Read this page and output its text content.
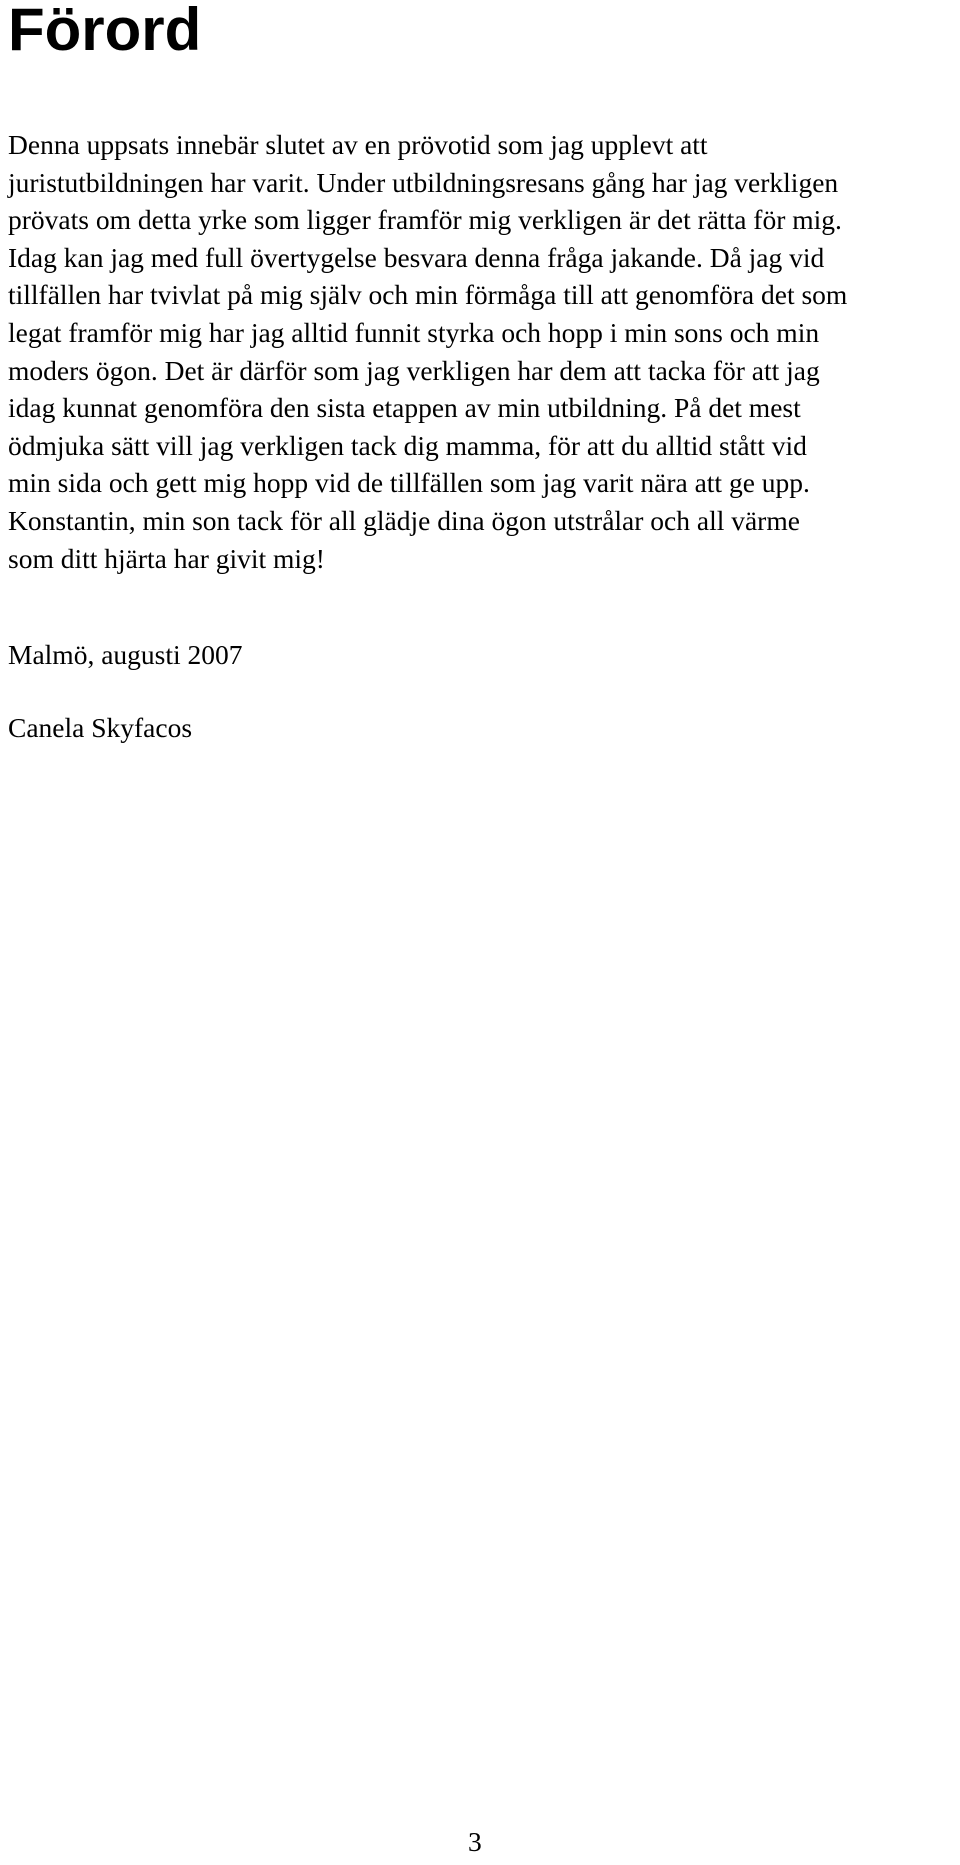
Förord
Denna uppsats innebär slutet av en prövotid som jag upplevt att
juristutbildningen har varit. Under utbildningsresans gång har jag verkligen
prövats om detta yrke som ligger framför mig verkligen är det rätta för mig.
Idag kan jag med full övertygelse besvara denna fråga jakande. Då jag vid
tillfällen har tvivlat på mig själv och min förmåga till att genomföra det som
legat framför mig har jag alltid funnit styrka och hopp i min sons och min
moders ögon. Det är därför som jag verkligen har dem att tacka för att jag
idag kunnat genomföra den sista etappen av min utbildning. På det mest
ödmjuka sätt vill jag verkligen tack dig mamma, för att du alltid stått vid
min sida och gett mig hopp vid de tillfällen som jag varit nära att ge upp.
Konstantin, min son tack för all glädje dina ögon utstrålar och all värme
som ditt hjärta har givit mig!

Malmö, augusti 2007

Canela Skyfacos

3
